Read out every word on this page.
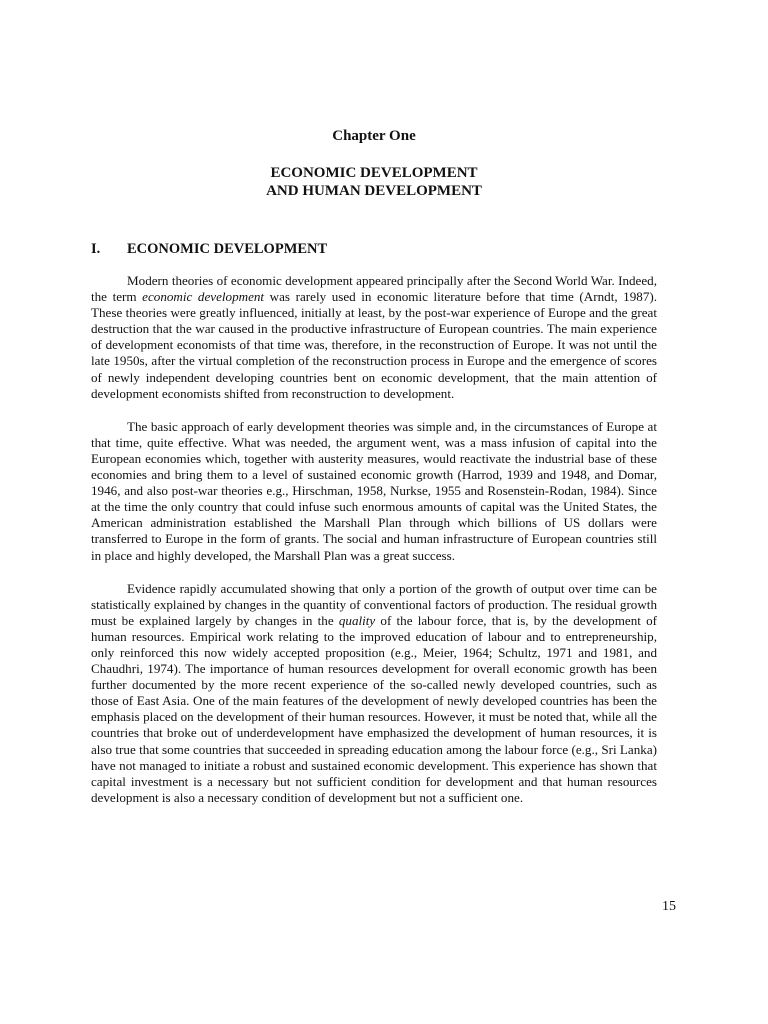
Chapter One
ECONOMIC DEVELOPMENT
AND HUMAN DEVELOPMENT
I. ECONOMIC DEVELOPMENT

Modern theories of economic development appeared principally after the Second World War. Indeed, the term economic development was rarely used in economic literature before that time (Arndt, 1987). These theories were greatly influenced, initially at least, by the post-war experience of Europe and the great destruction that the war caused in the productive infrastructure of European countries. The main experience of development economists of that time was, therefore, in the reconstruction of Europe. It was not until the late 1950s, after the virtual completion of the reconstruction process in Europe and the emergence of scores of newly independent developing countries bent on economic development, that the main attention of development economists shifted from reconstruction to development.

The basic approach of early development theories was simple and, in the circumstances of Europe at that time, quite effective. What was needed, the argument went, was a mass infusion of capital into the European economies which, together with austerity measures, would reactivate the industrial base of these economies and bring them to a level of sustained economic growth (Harrod, 1939 and 1948, and Domar, 1946, and also post-war theories e.g., Hirschman, 1958, Nurkse, 1955 and Rosenstein-Rodan, 1984). Since at the time the only country that could infuse such enormous amounts of capital was the United States, the American administration established the Marshall Plan through which billions of US dollars were transferred to Europe in the form of grants. The social and human infrastructure of European countries still in place and highly developed, the Marshall Plan was a great success.

Evidence rapidly accumulated showing that only a portion of the growth of output over time can be statistically explained by changes in the quantity of conventional factors of production. The residual growth must be explained largely by changes in the quality of the labour force, that is, by the development of human resources. Empirical work relating to the improved education of labour and to entrepreneurship, only reinforced this now widely accepted proposition (e.g., Meier, 1964; Schultz, 1971 and 1981, and Chaudhri, 1974). The importance of human resources development for overall economic growth has been further documented by the more recent experience of the so-called newly developed countries, such as those of East Asia. One of the main features of the development of newly developed countries has been the emphasis placed on the development of their human resources. However, it must be noted that, while all the countries that broke out of underdevelopment have emphasized the development of human resources, it is also true that some countries that succeeded in spreading education among the labour force (e.g., Sri Lanka) have not managed to initiate a robust and sustained economic development. This experience has shown that capital investment is a necessary but not sufficient condition for development and that human resources development is also a necessary condition of development but not a sufficient one.

15
